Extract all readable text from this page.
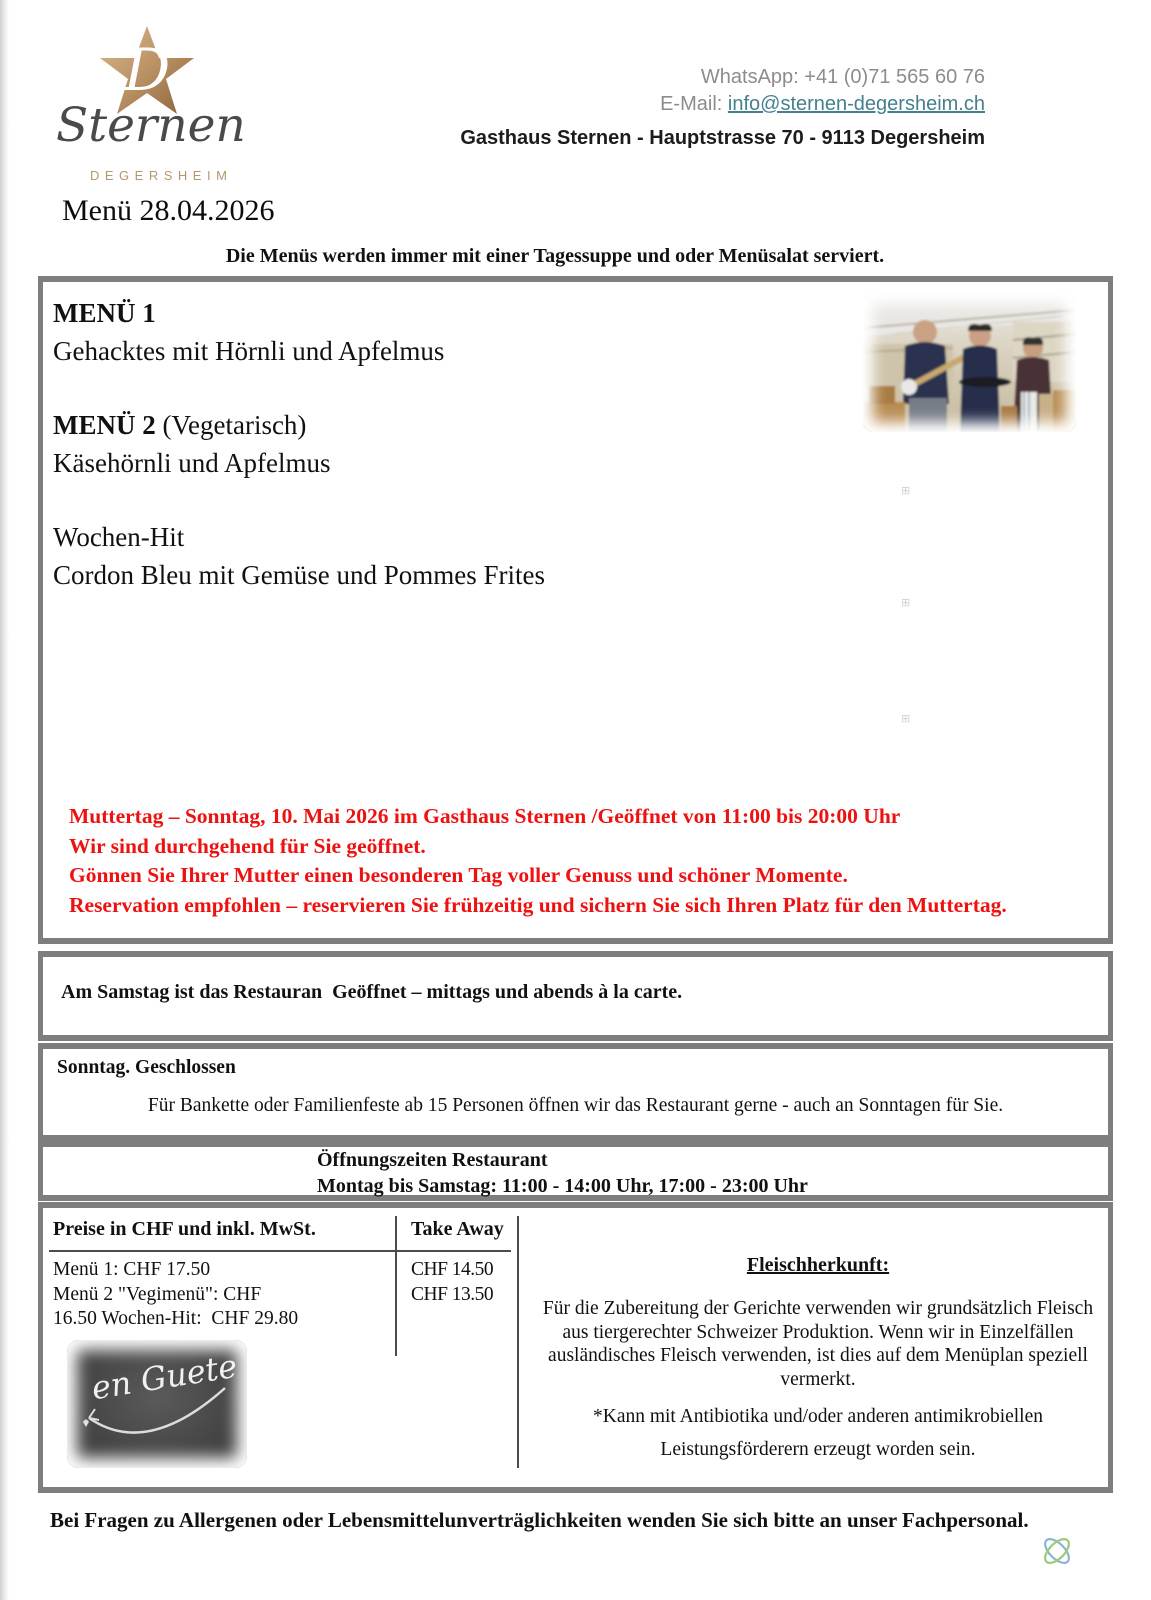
D
Sternen
DEGERSHEIM
WhatsApp: +41 (0)71 565 60 76
E-Mail: info@sternen-degersheim.ch
Gasthaus Sternen - Hauptstrasse 70 - 9113 Degersheim
Menü 28.04.2026
Die Menüs werden immer mit einer Tagessuppe und oder Menüsalat serviert.
MENÜ 1
Gehacktes mit Hörnli und Apfelmus
MENÜ 2 (Vegetarisch)
Käsehörnli und Apfelmus
Wochen-Hit
Cordon Bleu mit Gemüse und Pommes Frites
⊞
⊞
⊞
Muttertag – Sonntag, 10. Mai 2026 im Gasthaus Sternen /Geöffnet von 11:00 bis 20:00 Uhr
Wir sind durchgehend für Sie geöffnet.
Gönnen Sie Ihrer Mutter einen besonderen Tag voller Genuss und schöner Momente.
Reservation empfohlen – reservieren Sie frühzeitig und sichern Sie sich Ihren Platz für den Muttertag.
Am Samstag ist das Restauran  Geöffnet – mittags und abends à la carte.
Sonntag. Geschlossen
Für Bankette oder Familienfeste ab 15 Personen öffnen wir das Restaurant gerne - auch an Sonntagen für Sie.
Öffnungszeiten Restaurant
Montag bis Samstag: 11:00 - 14:00 Uhr, 17:00 - 23:00 Uhr
Preise in CHF und inkl. MwSt.	Take Away
Menü 1: CHF 17.50
Menü 2 "Vegimenü": CHF
16.50 Wochen-Hit:  CHF 29.80
CHF 14.50
CHF 13.50
en Guete
Fleischherkunft:
Für die Zubereitung der Gerichte verwenden wir grundsätzlich Fleisch aus tiergerechter Schweizer Produktion. Wenn wir in Einzelfällen ausländisches Fleisch verwenden, ist dies auf dem Menüplan speziell vermerkt.
*Kann mit Antibiotika und/oder anderen antimikrobiellen
Leistungsförderern erzeugt worden sein.
Bei Fragen zu Allergenen oder Lebensmittelunverträglichkeiten wenden Sie sich bitte an unser Fachpersonal.
